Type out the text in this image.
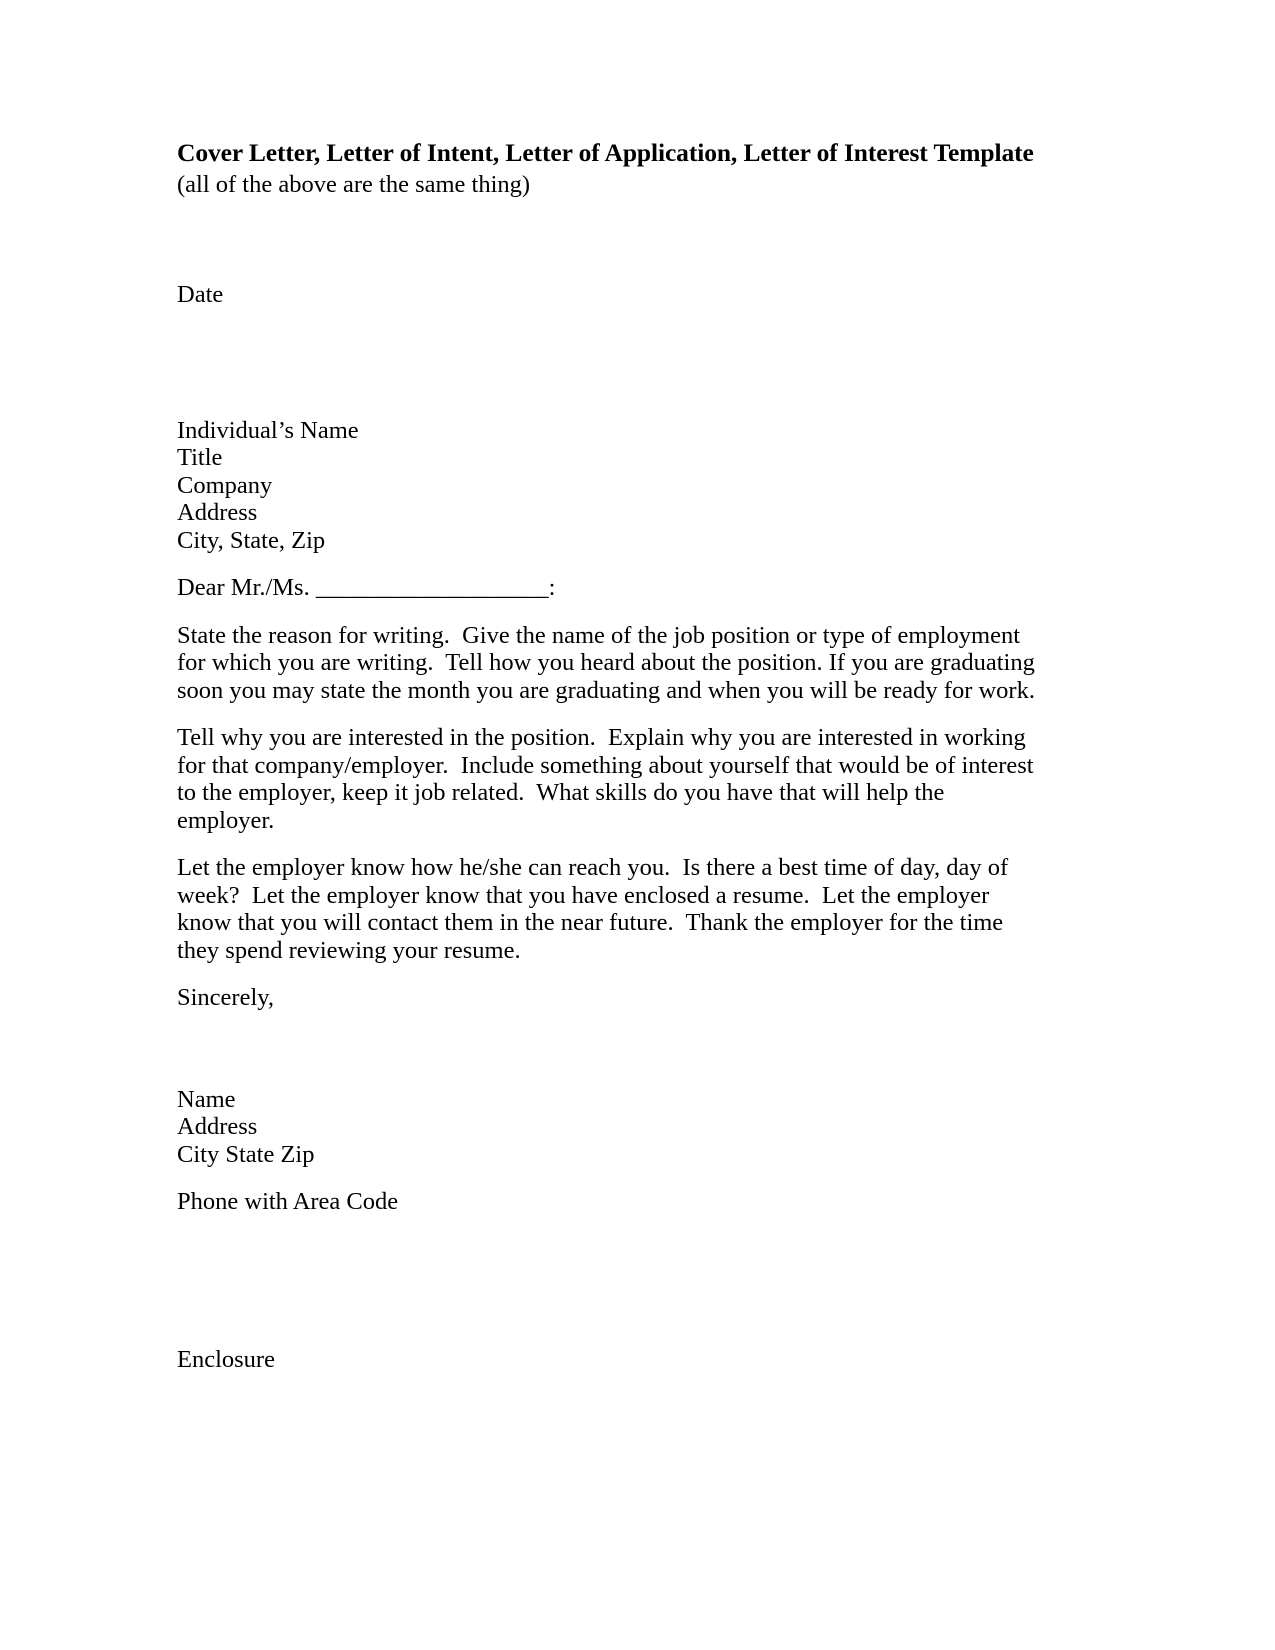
Cover Letter, Letter of Intent, Letter of Application, Letter of Interest Template
(all of the above are the same thing)
Date
Individual’s Name
Title
Company
Address
City, State, Zip
Dear Mr./Ms. ___________________:
State the reason for writing.  Give the name of the job position or type of employment for which you are writing.  Tell how you heard about the position. If you are graduating soon you may state the month you are graduating and when you will be ready for work.
Tell why you are interested in the position.  Explain why you are interested in working for that company/employer.  Include something about yourself that would be of interest to the employer, keep it job related.  What skills do you have that will help the employer.
Let the employer know how he/she can reach you.  Is there a best time of day, day of week?  Let the employer know that you have enclosed a resume.  Let the employer know that you will contact them in the near future.  Thank the employer for the time they spend reviewing your resume.
Sincerely,
Name
Address
City State Zip
Phone with Area Code
Enclosure
